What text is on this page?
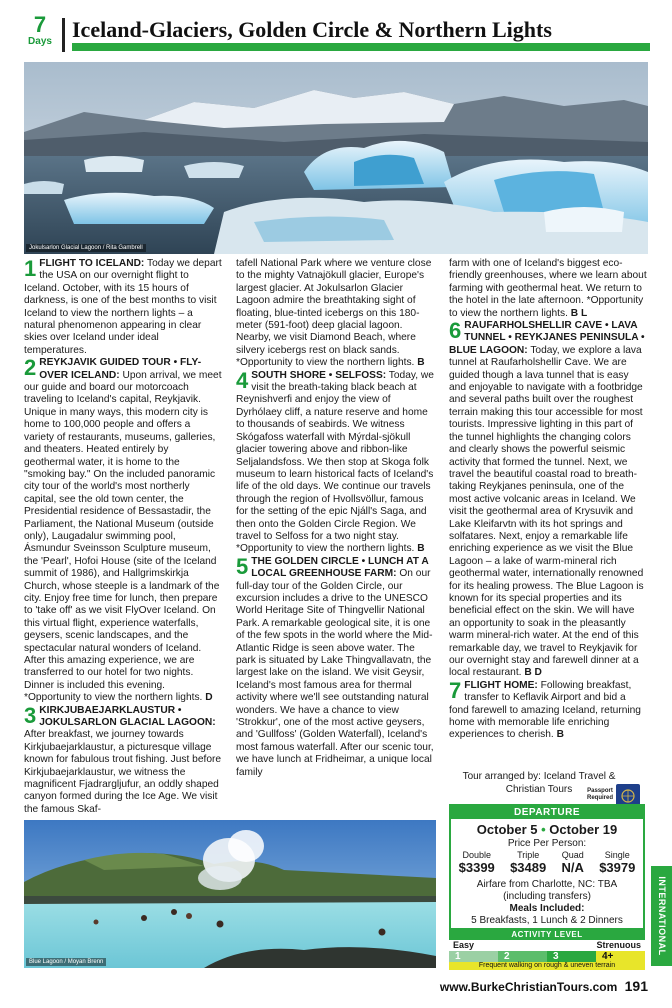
7
Days Iceland-Glaciers, Golden Circle & Northern Lights
Jokulsarlon Glacial Lagoon / Rita Gambrell

1 FLIGHT TO ICELAND: Today we depart the USA on our overnight flight to Iceland. October, with its 15 hours of darkness, is one of the best months to visit Iceland to view the northern lights – a natural phenomenon appearing in clear skies over Iceland under ideal temperatures.

2 REYKJAVIK GUIDED TOUR • FLY-OVER ICELAND: Upon arrival, we meet our guide and board our motorcoach traveling to Iceland's capital, Reykjavik. Unique in many ways, this modern city is home to 100,000 people and offers a variety of restaurants, museums, galleries, and theaters. Heated entirely by geothermal water, it is home to the "smoking bay." On the included panoramic city tour of the world's most northerly capital, see the old town center, the Presidential residence of Bessastadir, the Parliament, the National Museum (outside only), Laugadalur swimming pool, Ásmundur Sveinsson Sculpture museum, the 'Pearl', Hofoi House (site of the Iceland summit of 1986), and Hallgrimskirkja Church, whose steeple is a landmark of the city. Enjoy free time for lunch, then prepare to 'take off' as we visit FlyOver Iceland. On this virtual flight, experience waterfalls, geysers, scenic landscapes, and the spectacular natural wonders of Iceland. After this amazing experience, we are transferred to our hotel for two nights. Dinner is included this evening. *Opportunity to view the northern lights. D

3 KIRKJUBAEJARKLAUSTUR • JOKULSARLON GLACIAL LAGOON: After breakfast, we journey towards Kirkjubaejarklaustur, a picturesque village known for fabulous trout fishing. Just before Kirkjubaejarklaustur, we witness the magnificent Fjadrargljufur, an oddly shaped canyon formed during the Ice Age. We visit the famous Skaf-

tafell National Park where we venture close to the mighty Vatnajökull glacier, Europe's largest glacier. At Jokulsarlon Glacier Lagoon admire the breathtaking sight of floating, blue-tinted icebergs on this 180-meter (591-foot) deep glacial lagoon. Nearby, we visit Diamond Beach, where silvery icebergs rest on black sands. *Opportunity to view the northern lights. B

4 SOUTH SHORE • SELFOSS: Today, we visit the breath-taking black beach at Reynishverfi and enjoy the view of Dyrhólaey cliff, a nature reserve and home to thousands of seabirds. We witness Skógafoss waterfall with Mýrdal-sjökull glacier towering above and ribbon-like Seljalandsfoss. We then stop at Skoga folk museum to learn historical facts of Iceland's life of the old days. We continue our travels through the region of Hvollsvöllur, famous for the setting of the epic Njáll's Saga, and then onto the Golden Circle Region. We travel to Selfoss for a two night stay. *Opportunity to view the northern lights. B

5 THE GOLDEN CIRCLE • LUNCH AT A LOCAL GREENHOUSE FARM: On our full-day tour of the Golden Circle, our excursion includes a drive to the UNESCO World Heritage Site of Thingvellir National Park. A remarkable geological site, it is one of the few spots in the world where the Mid-Atlantic Ridge is seen above water. The park is situated by Lake Thingvallavatn, the largest lake on the island. We visit Geysir, Iceland's most famous area for thermal activity where we'll see outstanding natural wonders. We have a chance to view 'Strokkur', one of the most active geysers, and 'Gullfoss' (Golden Waterfall), Iceland's most famous waterfall. After our scenic tour, we have lunch at Fridheimar, a unique local family

farm with one of Iceland's biggest eco-friendly greenhouses, where we learn about farming with geothermal heat. We return to the hotel in the late afternoon. *Opportunity to view the northern lights. B L

6 RAUFARHOLSHELLIR CAVE • LAVA TUNNEL • REYKJANES PENINSULA • BLUE LAGOON: Today, we explore a lava tunnel at Raufarholshellir Cave. We are guided though a lava tunnel that is easy and enjoyable to navigate with a footbridge and several paths built over the roughest terrain making this tour accessible for most tourists. Impressive lighting in this part of the tunnel highlights the changing colors and clearly shows the powerful seismic activity that formed the tunnel. Next, we travel the beautiful coastal road to breath-taking Reykjanes peninsula, one of the most active volcanic areas in Iceland. We visit the geothermal area of Krysuvik and Lake Kleifarvtn with its hot springs and solfatares. Next, enjoy a remarkable life enriching experience as we visit the Blue Lagoon – a lake of warm-mineral rich geothermal water, internationally renowned for its healing prowess. The Blue Lagoon is known for its special properties and its beneficial effect on the skin. We will have an opportunity to soak in the pleasantly warm mineral-rich water. At the end of this remarkable day, we travel to Reykjavik for our overnight stay and farewell dinner at a local restaurant. B D

7 FLIGHT HOME: Following breakfast, transfer to Keflavik Airport and bid a fond farewell to amazing Iceland, returning home with memorable life enriching experiences to cherish. B

Blue Lagoon / Moyan Brenn
Tour arranged by: Iceland Travel & Christian Tours	Passport Required
DEPARTURE
October 5 • October 19
Price Per Person:
Double
$3399
Triple
$3489
Quad
N/A
Single
$3979
Airfare from Charlotte, NC: TBA
(including transfers)
Meals Included:
5 Breakfasts, 1 Lunch & 2 Dinners
ACTIVITY LEVEL
Easy	Strenuous
1	2	3	4+
Frequent walking on rough & uneven terrain
INTERNATIONAL
www.BurkeChristianTours.com 191
